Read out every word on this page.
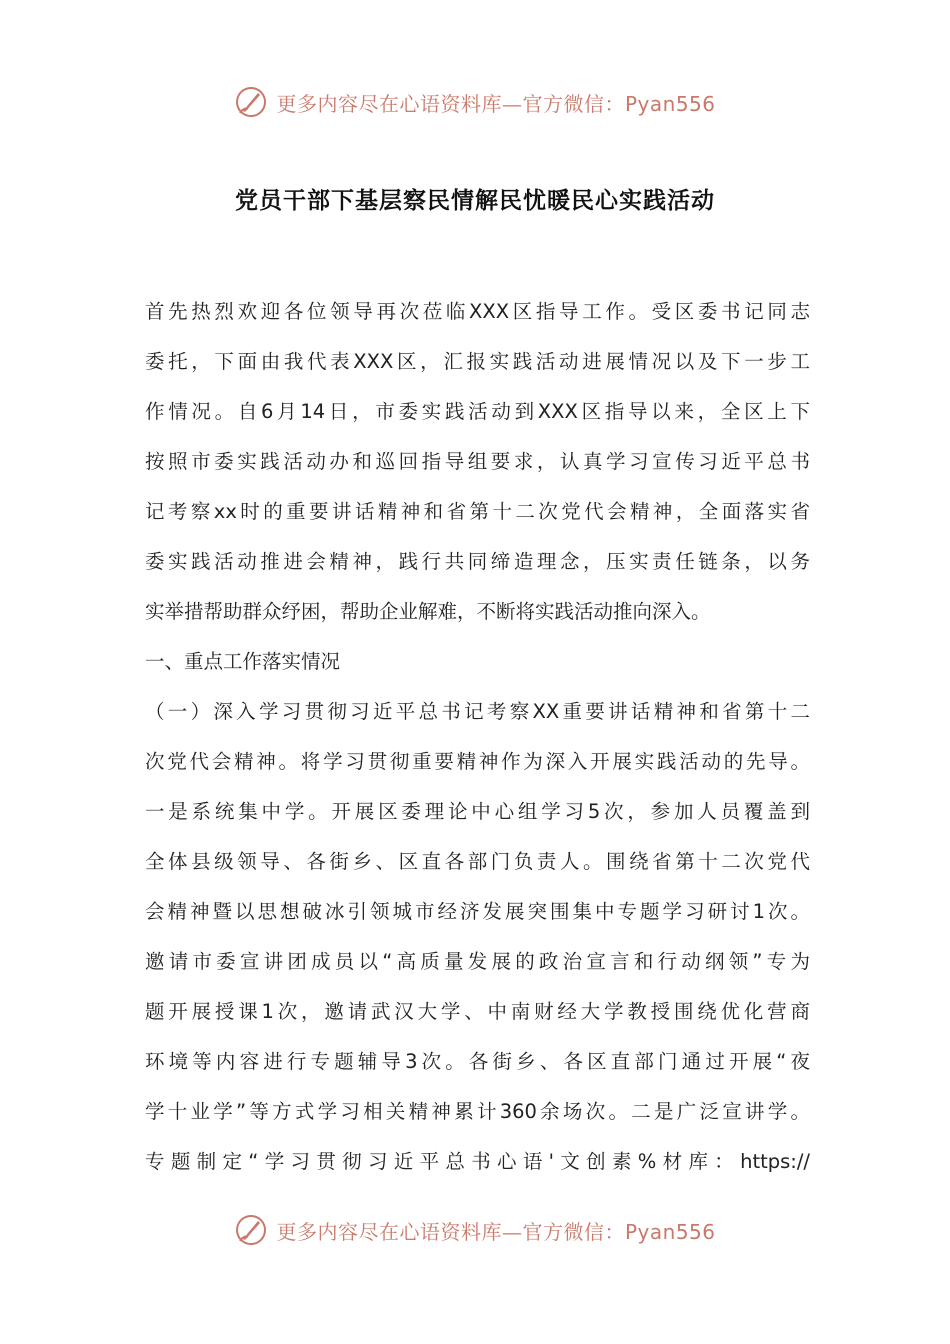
更多内容尽在心语资料库—官方微信：Pyan556
党员干部下基层察民情解民忧暖民心实践活动
首先热烈欢迎各位领导再次莅临XXX区指导工作。受区委书记同志
委托，下面由我代表XXX区，汇报实践活动进展情况以及下一步工
作情况。自6月14日，市委实践活动到XXX区指导以来，全区上下
按照市委实践活动办和巡回指导组要求，认真学习宣传习近平总书
记考察xx时的重要讲话精神和省第十二次党代会精神，全面落实省
委实践活动推进会精神，践行共同缔造理念，压实责任链条，以务
实举措帮助群众纾困，帮助企业解难，不断将实践活动推向深入。
一、重点工作落实情况
（一）深入学习贯彻习近平总书记考察XX重要讲话精神和省第十二
次党代会精神。将学习贯彻重要精神作为深入开展实践活动的先导。
一是系统集中学。开展区委理论中心组学习5次，参加人员覆盖到
全体县级领导、各街乡、区直各部门负责人。围绕省第十二次党代
会精神暨以思想破冰引领城市经济发展突围集中专题学习研讨1次。
邀请市委宣讲团成员以“高质量发展的政治宣言和行动纲领”专为
题开展授课1次，邀请武汉大学、中南财经大学教授围绕优化营商
环境等内容进行专题辅导3次。各街乡、各区直部门通过开展“夜
学十业学”等方式学习相关精神累计360余场次。二是广泛宣讲学。
专题制定“学习贯彻习近平总书心语'文创素%材库：https://
更多内容尽在心语资料库—官方微信：Pyan556
